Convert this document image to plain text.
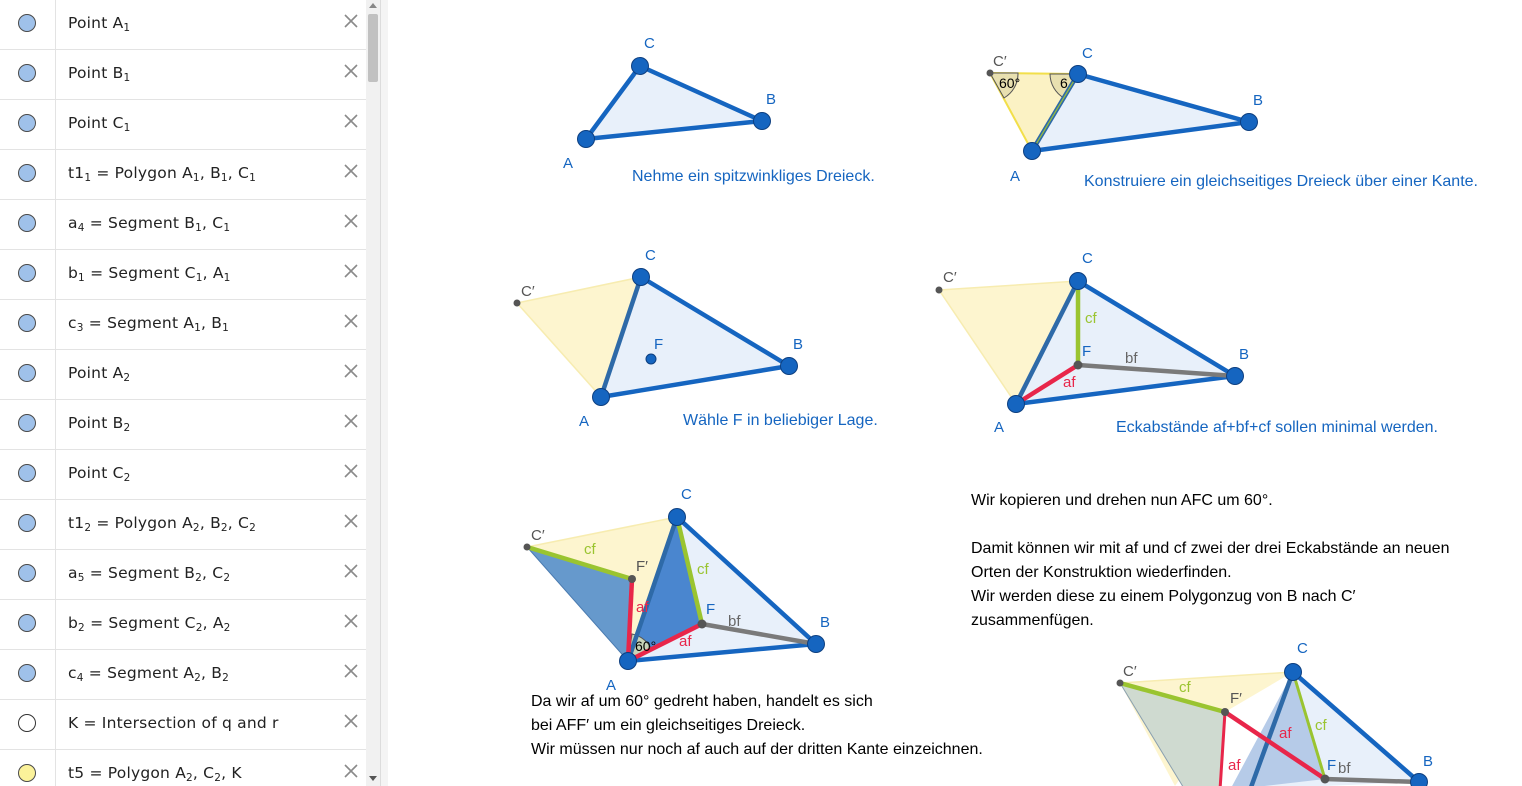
Point $A_1$
Point $B_1$
Point $C_1$
$t1_1$ = Polygon $A_1$, $B_1$, $C_1$
$a_4$ = Segment $B_1$, $C_1$
$b_1$ = Segment $C_1$, $A_1$
$c_3$ = Segment $A_1$, $B_1$
Point $A_2$
Point $B_2$
Point $C_2$
$t1_2$ = Polygon $A_2$, $B_2$, $C_2$
$a_5$ = Segment $B_2$, $C_2$
$b_2$ = Segment $C_2$, $A_2$
$c_4$ = Segment $A_2$, $B_2$
K = Intersection of q and r
t5 = Polygon $A_2$, $C_2$, K
A
B
C
60°	6
C′
A
B
C
C′
F
A
B
C
cf
bf
af
F
C′
A
B
C
cf
cf
af
af
bf
60°
F′
F
C′
A
B
C
cf
cf
af
af	bf
F′
F
C′
B
C
Nehme ein spitzwinkliges Dreieck.	Konstruiere ein gleichseitiges Dreieck über einer Kante.
Wähle F in beliebiger Lage.	Eckabstände af+bf+cf sollen minimal werden.
Wir kopieren und drehen nun AFC um 60°.
Damit können wir mit af und cf zwei der drei Eckabstände an neuen
Orten der Konstruktion wiederfinden.
Wir werden diese zu einem Polygonzug von B nach C′
zusammenfügen.
Da wir af um 60° gedreht haben, handelt es sich
bei AFF′ um ein gleichseitiges Dreieck.
Wir müssen nur noch af auch auf der dritten Kante einzeichnen.
